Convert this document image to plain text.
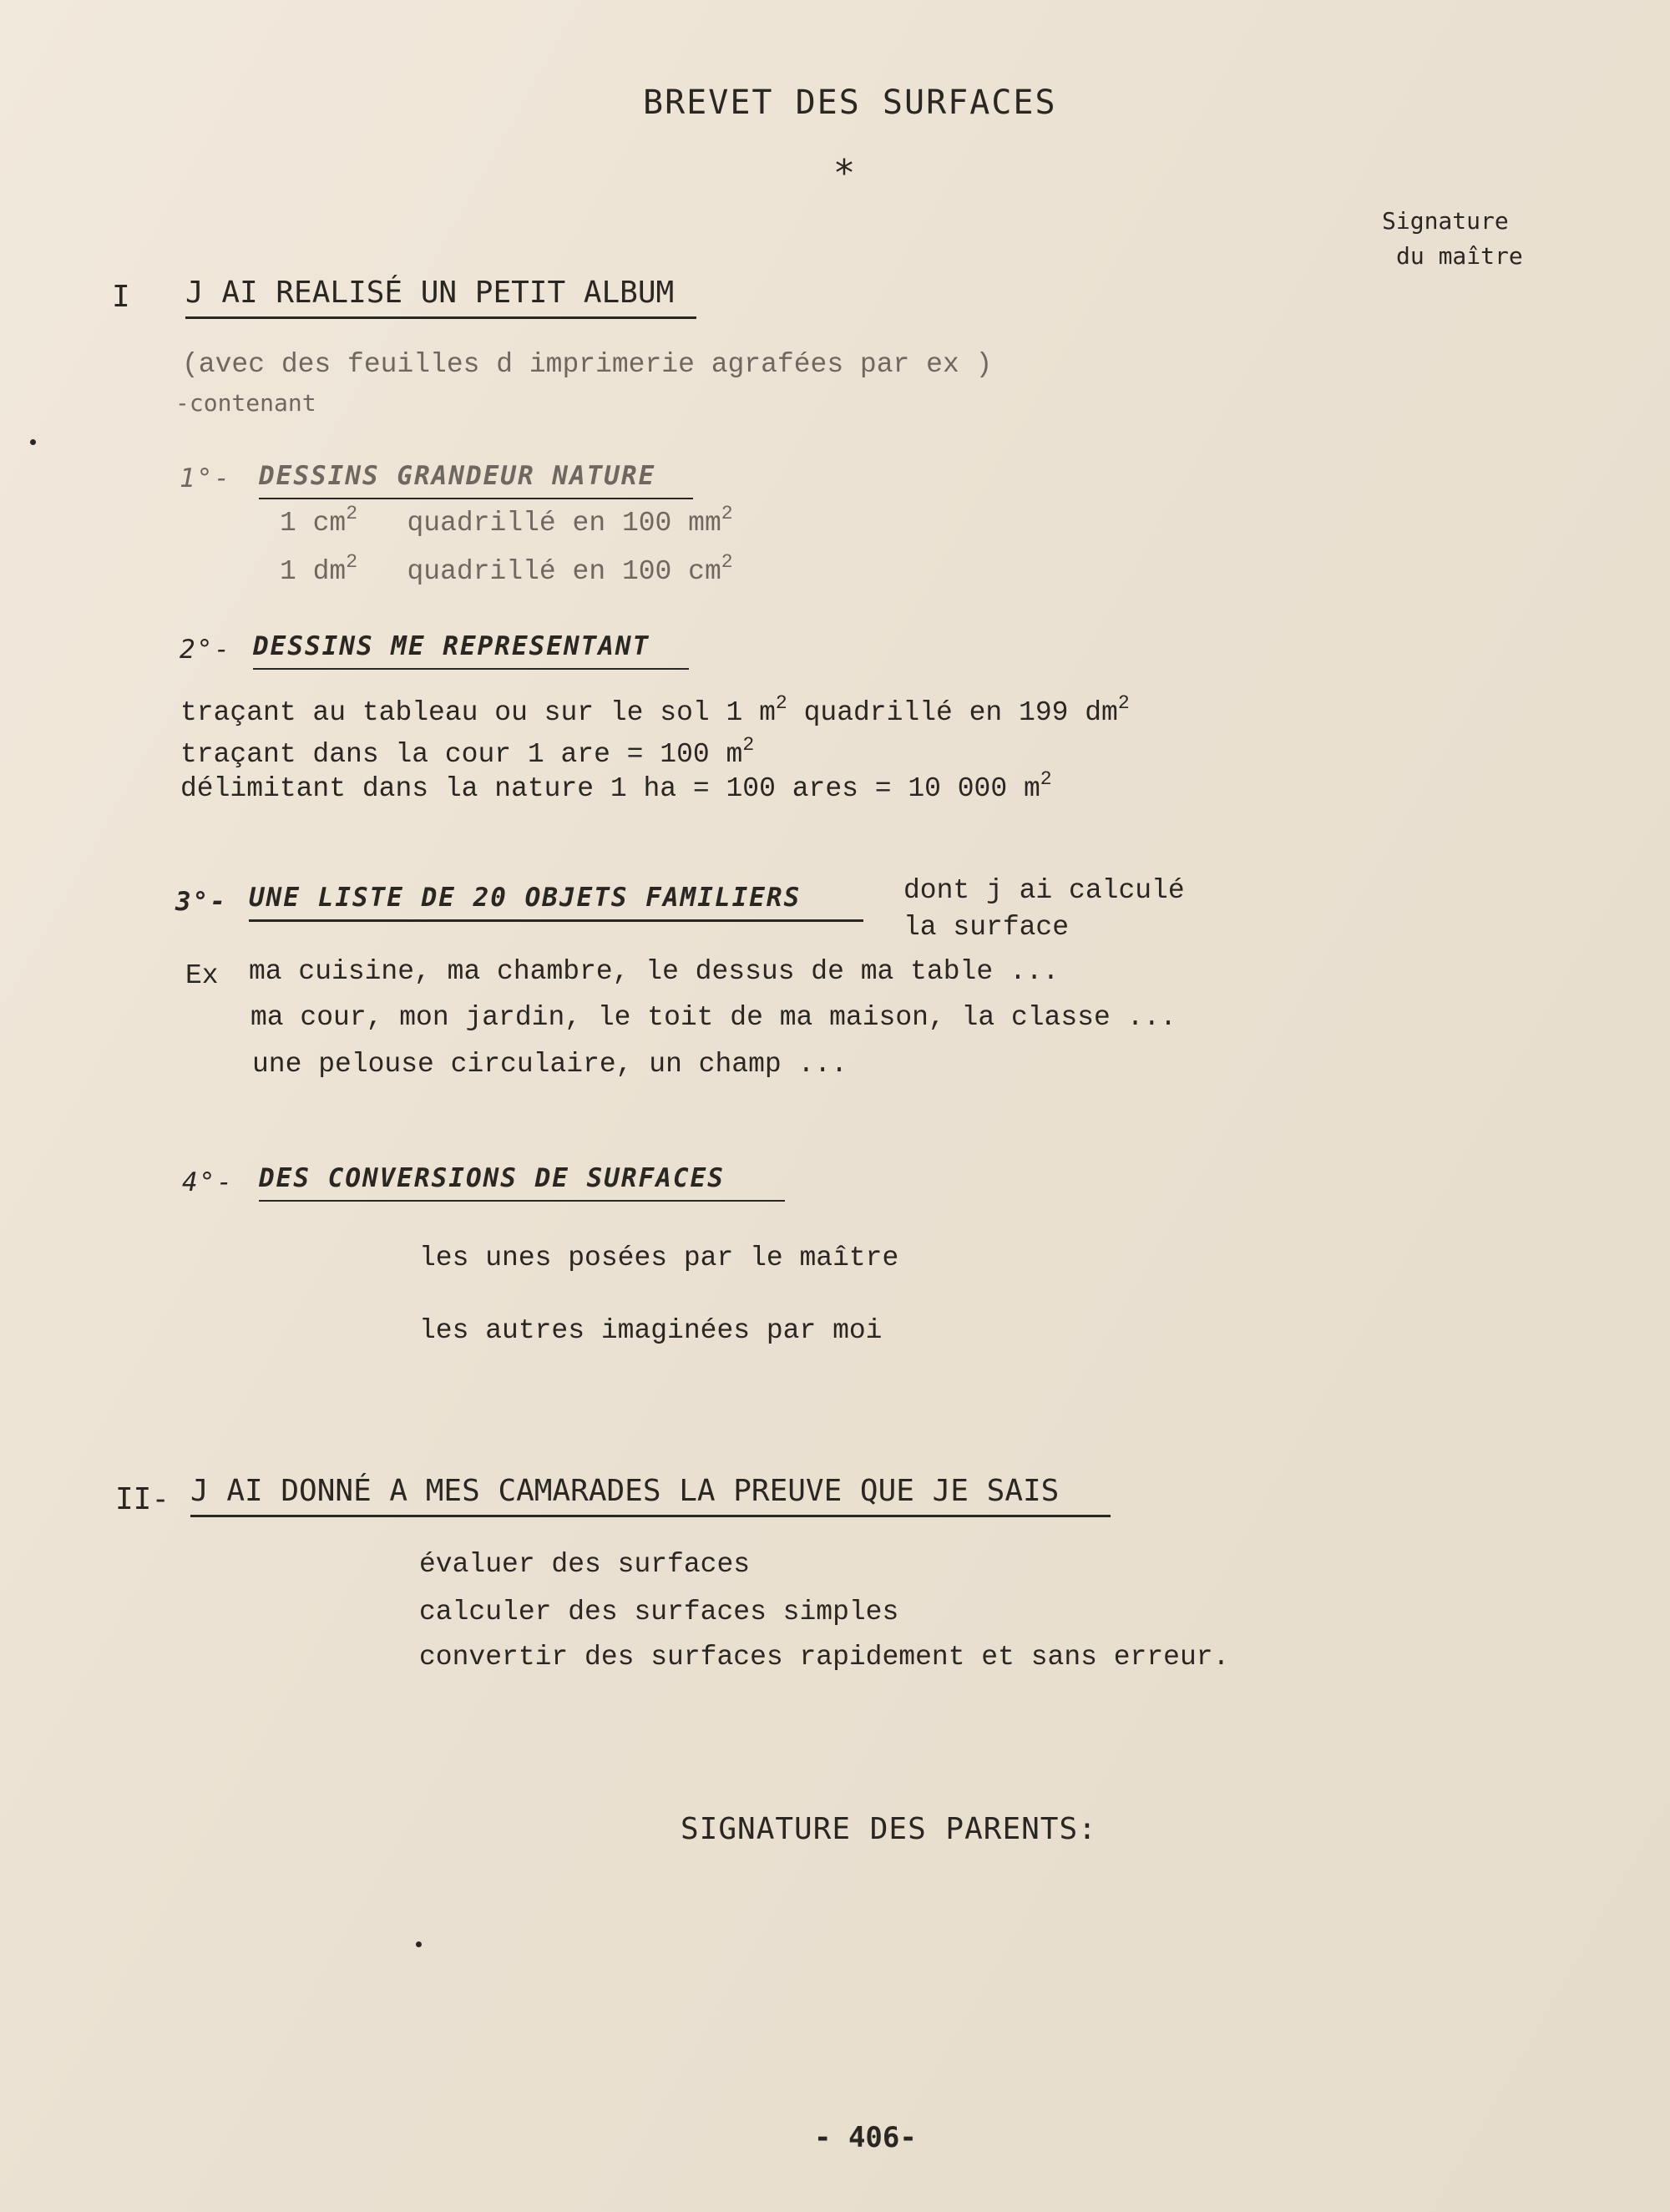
BREVET DES SURFACES
*
Signature
du maître
I J AI REALISÉ UN PETIT ALBUM
(avec des feuilles d imprimerie agrafées par ex )
-contenant
1°- DESSINS GRANDEUR NATURE
1 $cm^2$ quadrillé en 100 $mm^2$
1 $dm^2$ quadrillé en 100 $cm^2$
2°- DESSINS ME REPRESENTANT
traçant au tableau ou sur le sol 1 $m^2$ quadrillé en 199 $dm^2$
traçant dans la cour 1 are = 100 $m^2$
délimitant dans la nature 1 ha = 100 ares = 10 000 $m^2$
3°- UNE LISTE DE 20 OBJETS FAMILIERS	dont j ai calculé
la surface
Ex ma cuisine, ma chambre, le dessus de ma table ...
ma cour, mon jardin, le toit de ma maison, la classe ...
une pelouse circulaire, un champ ...
4°- DES CONVERSIONS DE SURFACES
les unes posées par le maître
les autres imaginées par moi
II- J AI DONNÉ A MES CAMARADES LA PREUVE QUE JE SAIS
évaluer des surfaces
calculer des surfaces simples
convertir des surfaces rapidement et sans erreur.
SIGNATURE DES PARENTS:
- 406-
